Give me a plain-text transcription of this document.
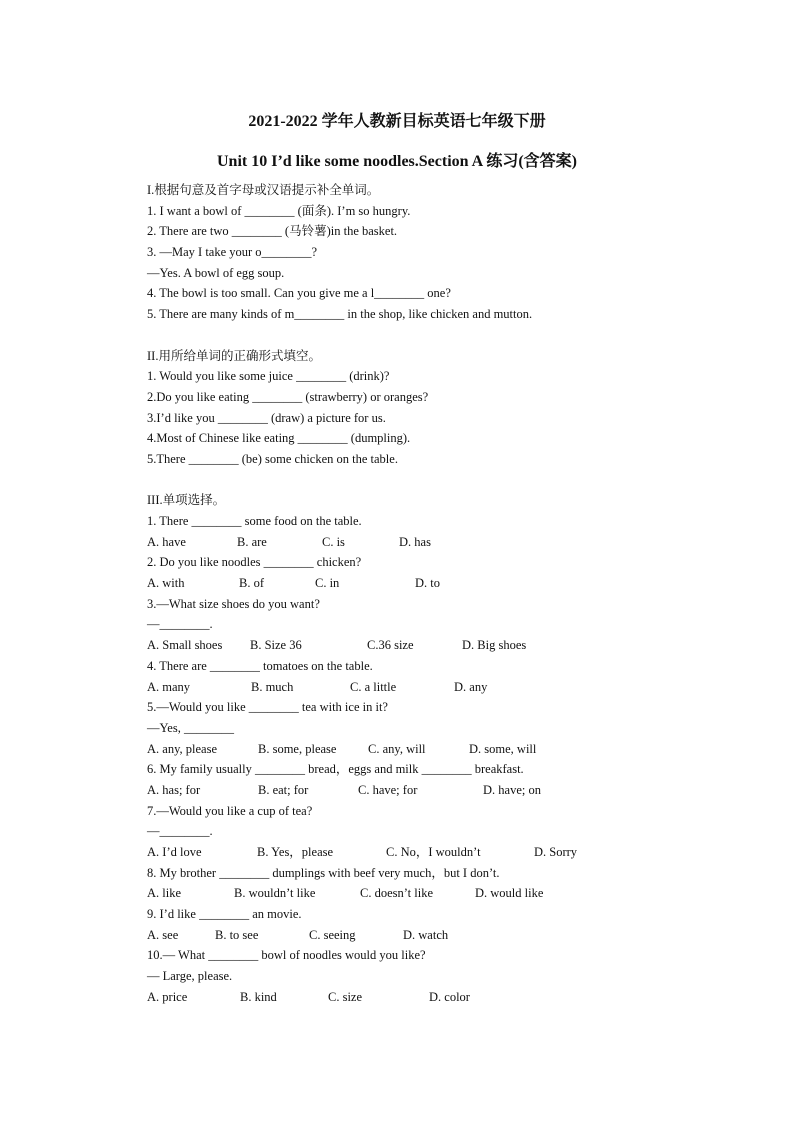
2021-2022 学年人教新目标英语七年级下册
Unit 10 I’d like some noodles.Section A 练习(含答案)
I.根据句意及首字母或汉语提示补全单词。
1. I want a bowl of ________ (面条). I’m so hungry.
2. There are two ________ (马铃薯)in the basket.
3. —May I take your o________?
—Yes. A bowl of egg soup.
4. The bowl is too small. Can you give me a l________ one?
5. There are many kinds of m________ in the shop, like chicken and mutton.
II.用所给单词的正确形式填空。
1. Would you like some juice ________ (drink)?
2.Do you like eating ________ (strawberry) or oranges?
3.I’d like you ________ (draw) a picture for us.
4.Most of Chinese like eating ________ (dumpling).
5.There ________ (be) some chicken on the table.
III.单项选择。
1. There ________ some food on the table.
A. have	B. are	C. is	D. has
2. Do you like noodles ________ chicken?
A. with	B. of	C. in	D. to
3.—What size shoes do you want?
—________.
A. Small shoes B. Size 36	C.36 size	D. Big shoes
4. There are ________ tomatoes on the table.
A. many	B. much	C. a little	D. any
5.—Would you like ________ tea with ice in it?
—Yes, ________
A. any, please	B. some, please	C. any, will	D. some, will
6. My family usually ________ bread，eggs and milk ________ breakfast.
A. has; for	B. eat; for	C. have; for	D. have; on
7.—Would you like a cup of tea?
—________.
A. I’d love	B. Yes，please	C. No，I wouldn’t	D. Sorry
8. My brother ________ dumplings with beef very much，but I don’t.
A. like	B. wouldn’t like	C. doesn’t like	D. would like
9. I’d like ________ an movie.
A. see	B. to see	C. seeing	D. watch
10.— What ________ bowl of noodles would you like?
— Large, please.
A. price	B. kind	C. size	D. color
